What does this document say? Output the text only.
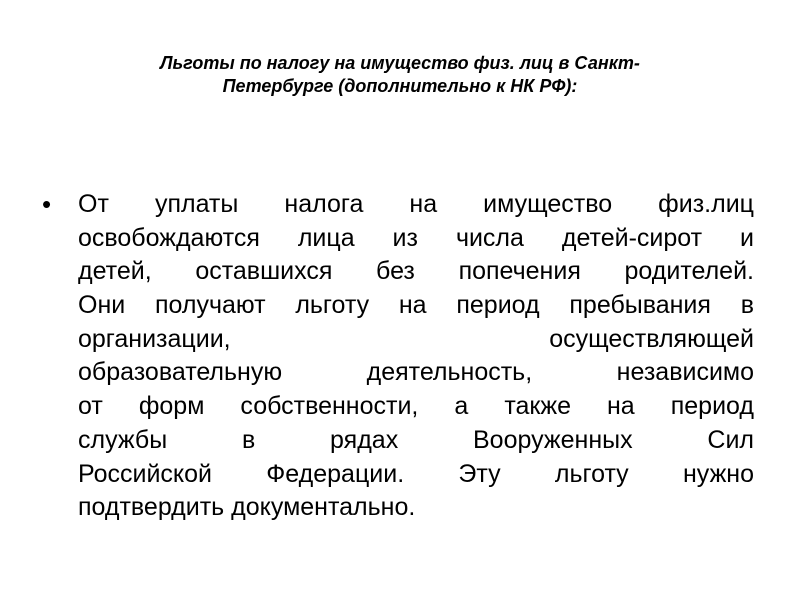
Льготы по налогу на имущество физ. лиц в Санкт-
Петербурге (дополнительно к НК РФ):
• От уплаты налога на имущество физ.лиц
освобождаются лица из числа детей-сирот и
детей, оставшихся без попечения родителей.
Они получают льготу на период пребывания в
организации, осуществляющей
образовательную деятельность, независимо
от форм собственности, а также на период
службы в рядах Вооруженных Сил
Российской Федерации. Эту льготу нужно
подтвердить документально.
